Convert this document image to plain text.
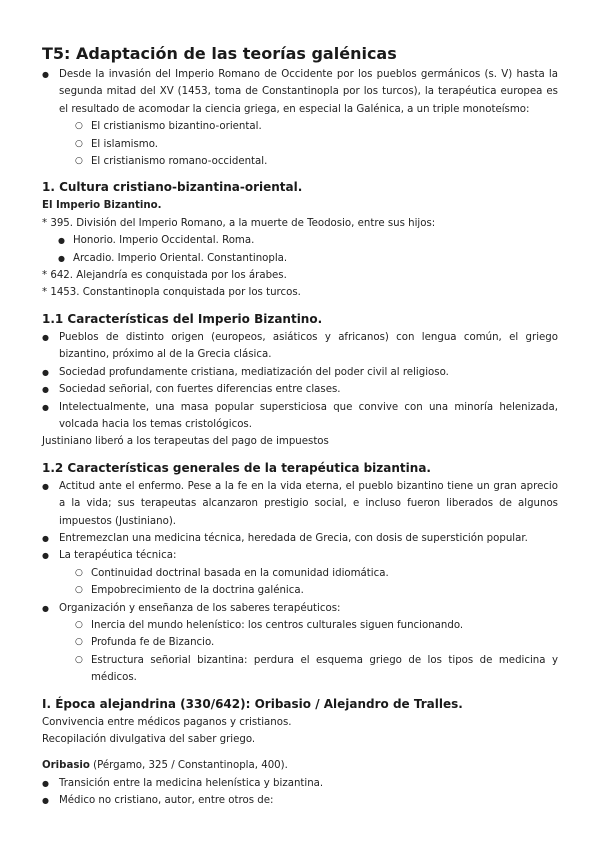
T5: Adaptación de las teorías galénicas
● Desde la invasión del Imperio Romano de Occidente por los pueblos germánicos (s. V) hasta la segunda mitad del XV (1453, toma de Constantinopla por los turcos), la terapéutica europea es el resultado de acomodar la ciencia griega, en especial la Galénica, a un triple monoteísmo:
○ El cristianismo bizantino-oriental.
○ El islamismo.
○ El cristianismo romano-occidental.
1. Cultura cristiano-bizantina-oriental.
El Imperio Bizantino.

* 395. División del Imperio Romano, a la muerte de Teodosio, entre sus hijos:

● Honorio. Imperio Occidental. Roma.
● Arcadio. Imperio Oriental. Constantinopla.

* 642. Alejandría es conquistada por los árabes.

* 1453. Constantinopla conquistada por los turcos.

1.1 Características del Imperio Bizantino.
● Pueblos de distinto origen (europeos, asiáticos y africanos) con lengua común, el griego bizantino, próximo al de la Grecia clásica.
● Sociedad profundamente cristiana, mediatización del poder civil al religioso.
● Sociedad señorial, con fuertes diferencias entre clases.
● Intelectualmente, una masa popular supersticiosa que convive con una minoría helenizada, volcada hacia los temas cristológicos.

Justiniano liberó a los terapeutas del pago de impuestos

1.2 Características generales de la terapéutica bizantina.
● Actitud ante el enfermo. Pese a la fe en la vida eterna, el pueblo bizantino tiene un gran aprecio a la vida; sus terapeutas alcanzaron prestigio social, e incluso fueron liberados de algunos impuestos (Justiniano).
● Entremezclan una medicina técnica, heredada de Grecia, con dosis de superstición popular.
● La terapéutica técnica:
○ Continuidad doctrinal basada en la comunidad idiomática.
○ Empobrecimiento de la doctrina galénica.
● Organización y enseñanza de los saberes terapéuticos:
○ Inercia del mundo helenístico: los centros culturales siguen funcionando.
○ Profunda fe de Bizancio.
○ Estructura señorial bizantina: perdura el esquema griego de los tipos de medicina y médicos.
I. Época alejandrina (330/642): Oribasio / Alejandro de Tralles.

Convivencia entre médicos paganos y cristianos.

Recopilación divulgativa del saber griego.

Oribasio (Pérgamo, 325 / Constantinopla, 400).

● Transición entre la medicina helenística y bizantina.
● Médico no cristiano, autor, entre otros de:
